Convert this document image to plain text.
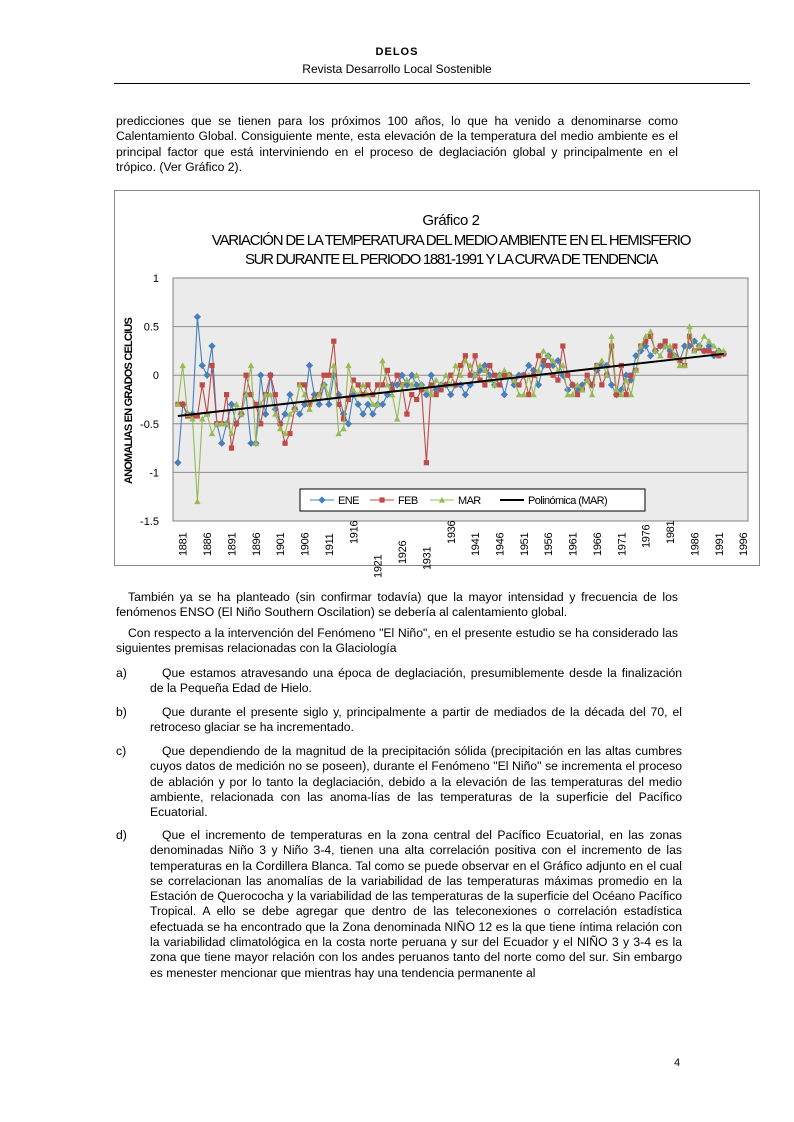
DELOS
Revista Desarrollo Local Sostenible
predicciones que se tienen para los próximos 100 años, lo que ha venido a denominarse como Calentamiento Global. Consiguiente mente, esta elevación de la temperatura del medio ambiente es el principal factor que está interviniendo en el proceso de deglaciación global y principalmente en el trópico. (Ver Gráfico 2).
1
0.5
0
-0.5
-1
-1.5
1881 1886 1891 1896 1901 1906 1911
1916
1921
1926 1931
1936
1941 1946 1951 1956 1961 1966 1971 1976 1981
1986 1991 1996
Gráfico 2
VARIACIÓN DE LA TEMPERATURA DEL MEDIO AMBIENTE EN EL HEMISFERIO
SUR DURANTE EL PERIODO 1881-1991 Y LA CURVA DE TENDENCIA
ANOMALIAS EN GRADOS CELCIUS
ENE	FEB	MAR	Polinómica (MAR)
También ya se ha planteado (sin confirmar todavía) que la mayor intensidad y frecuencia de los fenómenos ENSO (El Niño Southern Oscilation) se debería al calentamiento global.
Con respecto a la intervención del Fenómeno "El Niño", en el presente estudio se ha considerado las siguientes premisas relacionadas con la Glaciología
a)	Que estamos atravesando una época de deglaciación, presumiblemente desde la finalización de la Pequeña Edad de Hielo.
b)	Que durante el presente siglo y, principalmente a partir de mediados de la década del 70, el retroceso glaciar se ha incrementado.
c)	Que dependiendo de la magnitud de la precipitación sólida (precipitación en las altas cumbres cuyos datos de medición no se poseen), durante el Fenómeno "El Niño" se incrementa el proceso de ablación y por lo tanto la deglaciación, debido a la elevación de las temperaturas del medio ambiente, relacionada con las anoma-lías de las temperaturas de la superficie del Pacífico Ecuatorial.
d)	Que el incremento de temperaturas en la zona central del Pacífico Ecuatorial, en las zonas denominadas Niño 3 y Niño 3-4, tienen una alta correlación positiva con el incremento de las temperaturas en la Cordillera Blanca. Tal como se puede observar en el Gráfico adjunto en el cual se correlacionan las anomalías de la variabilidad de las temperaturas máximas promedio en la Estación de Querococha y la variabilidad de las temperaturas de la superficie del Océano Pacífico Tropical. A ello se debe agregar que dentro de las teleconexiones o correlación estadística efectuada se ha encontrado que la Zona denominada NIÑO 12 es la que tiene íntima relación con la variabilidad climatológica en la costa norte peruana y sur del Ecuador y el NIÑO 3 y 3-4 es la zona que tiene mayor relación con los andes peruanos tanto del norte como del sur. Sin embargo es menester mencionar que mientras hay una tendencia permanente al
4
